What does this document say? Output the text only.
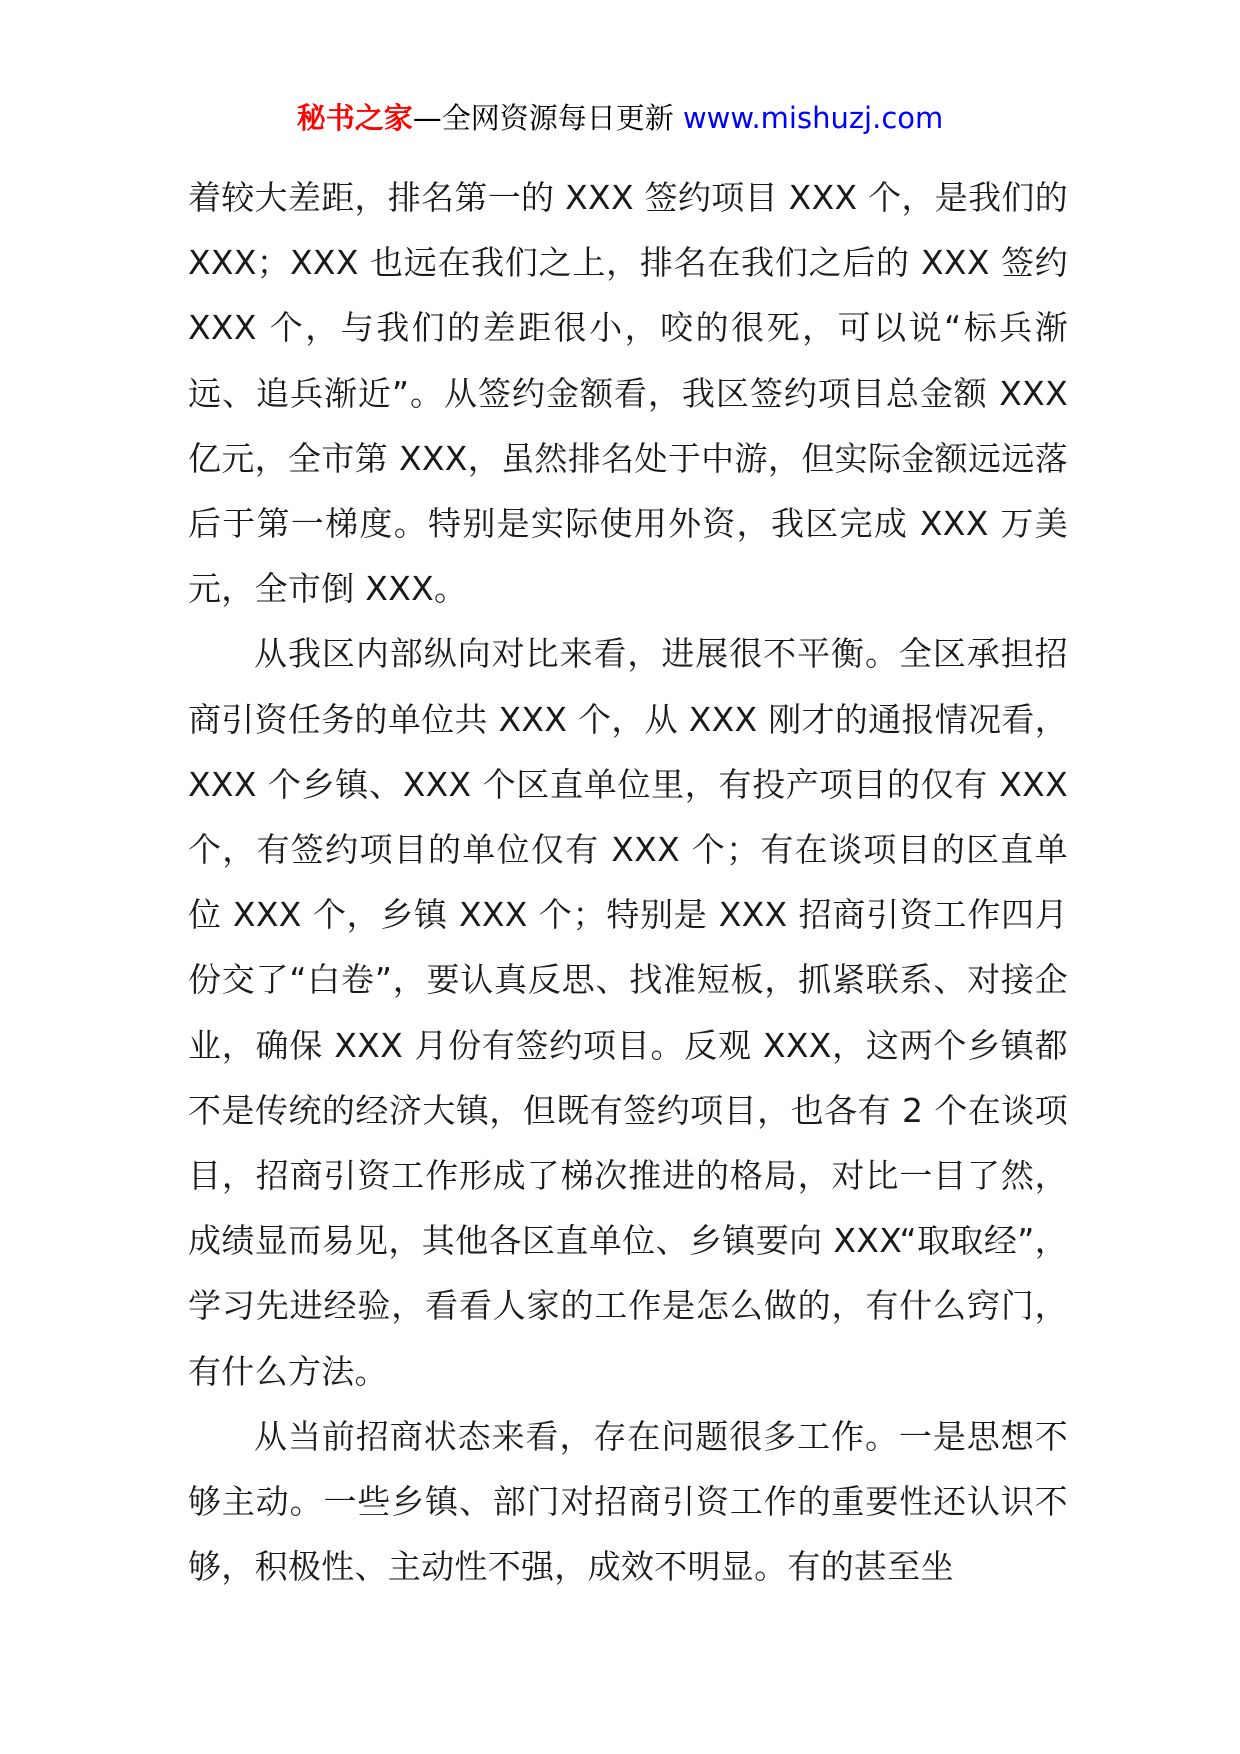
秘书之家—全网资源每日更新 www.mishuzj.com

着较大差距，排名第一的 XXX 签约项目 XXX 个，是我们的 XXX；XXX 也远在我们之上，排名在我们之后的 XXX 签约 XXX 个，与我们的差距很小，咬的很死，可以说“标兵渐远、追兵渐近”。从签约金额看，我区签约项目总金额 XXX 亿元，全市第 XXX，虽然排名处于中游，但实际金额远远落后于第一梯度。特别是实际使用外资，我区完成 XXX 万美元，全市倒 XXX。

从我区内部纵向对比来看，进展很不平衡。全区承担招商引资任务的单位共 XXX 个，从 XXX 刚才的通报情况看，XXX 个乡镇、XXX 个区直单位里，有投产项目的仅有 XXX 个，有签约项目的单位仅有 XXX 个；有在谈项目的区直单位 XXX 个，乡镇 XXX 个；特别是 XXX 招商引资工作四月份交了“白卷”，要认真反思、找准短板，抓紧联系、对接企业，确保 XXX 月份有签约项目。反观 XXX，这两个乡镇都不是传统的经济大镇，但既有签约项目，也各有 2 个在谈项目，招商引资工作形成了梯次推进的格局，对比一目了然，成绩显而易见，其他各区直单位、乡镇要向 XXX“取取经”，学习先进经验，看看人家的工作是怎么做的，有什么窍门，有什么方法。

从当前招商状态来看，存在问题很多工作。一是思想不够主动。一些乡镇、部门对招商引资工作的重要性还认识不够，积极性、主动性不强，成效不明显。有的甚至坐
